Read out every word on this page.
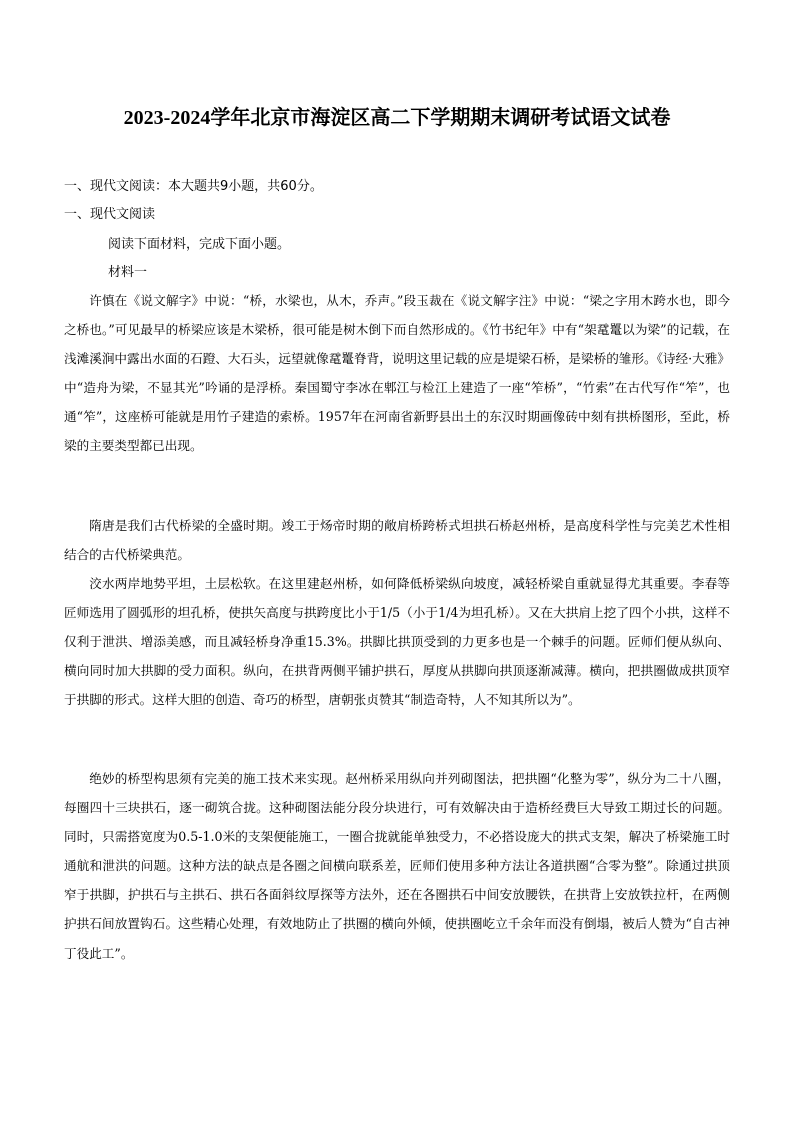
2023-2024学年北京市海淀区高二下学期期末调研考试语文试卷
一、现代文阅读：本大题共9小题，共60分。
一、现代文阅读
阅读下面材料，完成下面小题。
材料一

许慎在《说文解字》中说：“桥，水梁也，从木，乔声。”段玉裁在《说文解字注》中说：“梁之字用木跨水也，即今之桥也。”可见最早的桥梁应该是木梁桥，很可能是树木倒下而自然形成的。《竹书纪年》中有“架鼋鼍以为梁”的记载，在浅滩溪涧中露出水面的石蹬、大石头，远望就像鼋鼍脊背，说明这里记载的应是堤梁石桥，是梁桥的雏形。《诗经·大雅》中“造舟为梁，不显其光”吟诵的是浮桥。秦国蜀守李冰在郫江与检江上建造了一座“笮桥”，“竹索”在古代写作“笮”，也通“笮”，这座桥可能就是用竹子建造的索桥。1957年在河南省新野县出土的东汉时期画像砖中刻有拱桥图形，至此，桥梁的主要类型都已出现。

隋唐是我们古代桥梁的全盛时期。竣工于炀帝时期的敞肩桥跨桥式坦拱石桥赵州桥，是高度科学性与完美艺术性相结合的古代桥梁典范。

洨水两岸地势平坦，土层松软。在这里建赵州桥，如何降低桥梁纵向坡度，减轻桥梁自重就显得尤其重要。李春等匠师选用了圆弧形的坦孔桥，使拱矢高度与拱跨度比小于1/5（小于1/4为坦孔桥）。又在大拱肩上挖了四个小拱，这样不仅利于泄洪、增添美感，而且减轻桥身净重15.3%。拱脚比拱顶受到的力更多也是一个棘手的问题。匠师们便从纵向、横向同时加大拱脚的受力面积。纵向，在拱背两侧平铺护拱石，厚度从拱脚向拱顶逐渐减薄。横向，把拱圈做成拱顶窄于拱脚的形式。这样大胆的创造、奇巧的桥型，唐朝张贞赞其“制造奇特，人不知其所以为”。

绝妙的桥型构思须有完美的施工技术来实现。赵州桥采用纵向并列砌图法，把拱圈“化整为零”，纵分为二十八圈，每圈四十三块拱石，逐一砌筑合拢。这种砌图法能分段分块进行，可有效解决由于造桥经费巨大导致工期过长的问题。同时，只需搭宽度为0.5-1.0米的支架便能施工，一圈合拢就能单独受力，不必搭设庞大的拱式支架，解决了桥梁施工时通航和泄洪的问题。这种方法的缺点是各圈之间横向联系差，匠师们使用多种方法让各道拱圈“合零为整”。除通过拱顶窄于拱脚，护拱石与主拱石、拱石各面斜纹厚探等方法外，还在各圈拱石中间安放腰铁，在拱背上安放铁拉杆，在两侧护拱石间放置钩石。这些精心处理，有效地防止了拱圈的横向外倾，使拱圈屹立千余年而没有倒塌，被后人赞为“自古神丁役此工”。
